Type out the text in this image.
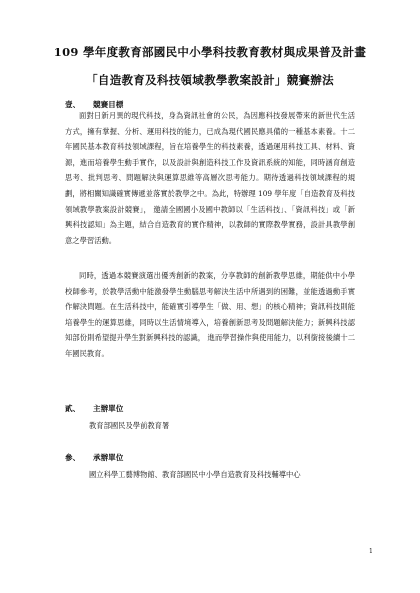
109 學年度教育部國民中小學科技教育教材與成果普及計畫
「自造教育及科技領域教學教案設計」競賽辦法
壹、 競賽目標

面對日新月異的現代科技，身為資訊社會的公民，為因應科技發展帶來的新世代生活方式，擁有掌握、分析、運用科技的能力，已成為現代國民應具備的一種基本素養。十二年國民基本教育科技領域課程，旨在培養學生的科技素養，透過運用科技工具、材料、資源，進而培養學生動手實作，以及設計與創造科技工作及資訊系統的知能，同時涵育創造思考、批判思考、問題解決與運算思維等高層次思考能力。期待透過科技領域課程的規劃，將相關知識確實傳遞並落實於教學之中。為此，特辦理 109 學年度「自造教育及科技領域教學教案設計競賽」， 邀請全國國小及國中教師以「生活科技」、「資訊科技」或「新興科技認知」為主題，結合自造教育的實作精神，以教師的實際教學實務，設計具教學創意之學習活動。

同時，透過本競賽演選出優秀創新的教案，分享教師的創新教學思維，期能供中小學校師參考，於教學活動中能激發學生動腦思考解決生活中所遇到的困難，並能透過動手實作解決問題。在生活科技中，能確實引導學生「做、用、想」的核心精神；資訊科技則能培養學生的運算思維，同時以生活情境導入，培養創新思考及問題解決能力；新興科技認知部份則希望提升學生對新興科技的認識， 進而學習操作與使用能力，以利銜接後續十二年國民教育。

貳、 主辦單位
教育部國民及學前教育署
參、 承辦單位
國立科學工藝博物館、教育部國民中小學自造教育及科技輔導中心
1
